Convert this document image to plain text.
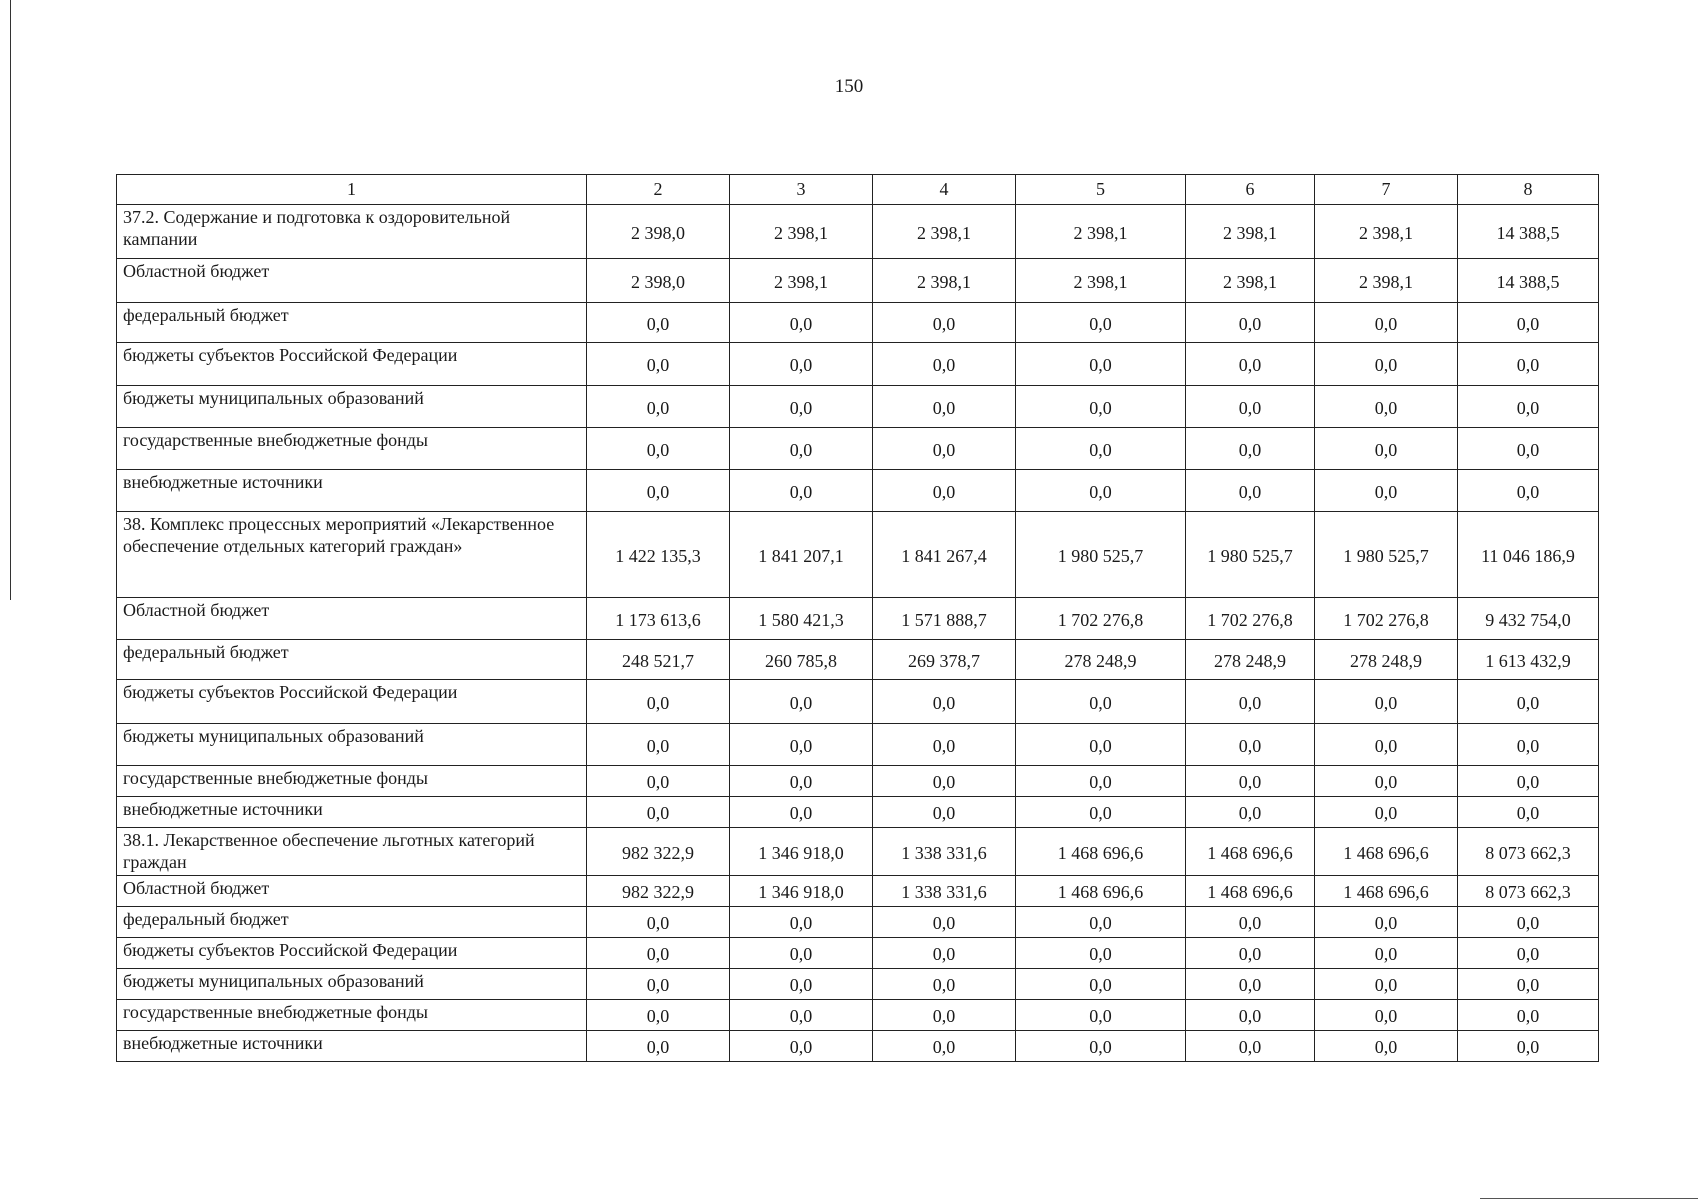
150
1	2	3	4	5	6	7	8
37.2. Содержание и подготовка к оздоровительной кампании	2 398,0	2 398,1	2 398,1	2 398,1	2 398,1	2 398,1	14 388,5
Областной бюджет	2 398,0	2 398,1	2 398,1	2 398,1	2 398,1	2 398,1	14 388,5
федеральный бюджет	0,0	0,0	0,0	0,0	0,0	0,0	0,0
бюджеты субъектов Российской Федерации	0,0	0,0	0,0	0,0	0,0	0,0	0,0
бюджеты муниципальных образований	0,0	0,0	0,0	0,0	0,0	0,0	0,0
государственные внебюджетные фонды	0,0	0,0	0,0	0,0	0,0	0,0	0,0
внебюджетные источники	0,0	0,0	0,0	0,0	0,0	0,0	0,0
38. Комплекс процессных мероприятий «Лекарственное обеспечение отдельных категорий граждан»	1 422 135,3	1 841 207,1	1 841 267,4	1 980 525,7	1 980 525,7	1 980 525,7	11 046 186,9
Областной бюджет	1 173 613,6	1 580 421,3	1 571 888,7	1 702 276,8	1 702 276,8	1 702 276,8	9 432 754,0
федеральный бюджет	248 521,7	260 785,8	269 378,7	278 248,9	278 248,9	278 248,9	1 613 432,9
бюджеты субъектов Российской Федерации	0,0	0,0	0,0	0,0	0,0	0,0	0,0
бюджеты муниципальных образований	0,0	0,0	0,0	0,0	0,0	0,0	0,0
государственные внебюджетные фонды	0,0	0,0	0,0	0,0	0,0	0,0	0,0
внебюджетные источники	0,0	0,0	0,0	0,0	0,0	0,0	0,0
38.1. Лекарственное обеспечение льготных категорий граждан	982 322,9	1 346 918,0	1 338 331,6	1 468 696,6	1 468 696,6	1 468 696,6	8 073 662,3
Областной бюджет	982 322,9	1 346 918,0	1 338 331,6	1 468 696,6	1 468 696,6	1 468 696,6	8 073 662,3
федеральный бюджет	0,0	0,0	0,0	0,0	0,0	0,0	0,0
бюджеты субъектов Российской Федерации	0,0	0,0	0,0	0,0	0,0	0,0	0,0
бюджеты муниципальных образований	0,0	0,0	0,0	0,0	0,0	0,0	0,0
государственные внебюджетные фонды	0,0	0,0	0,0	0,0	0,0	0,0	0,0
внебюджетные источники	0,0	0,0	0,0	0,0	0,0	0,0	0,0
